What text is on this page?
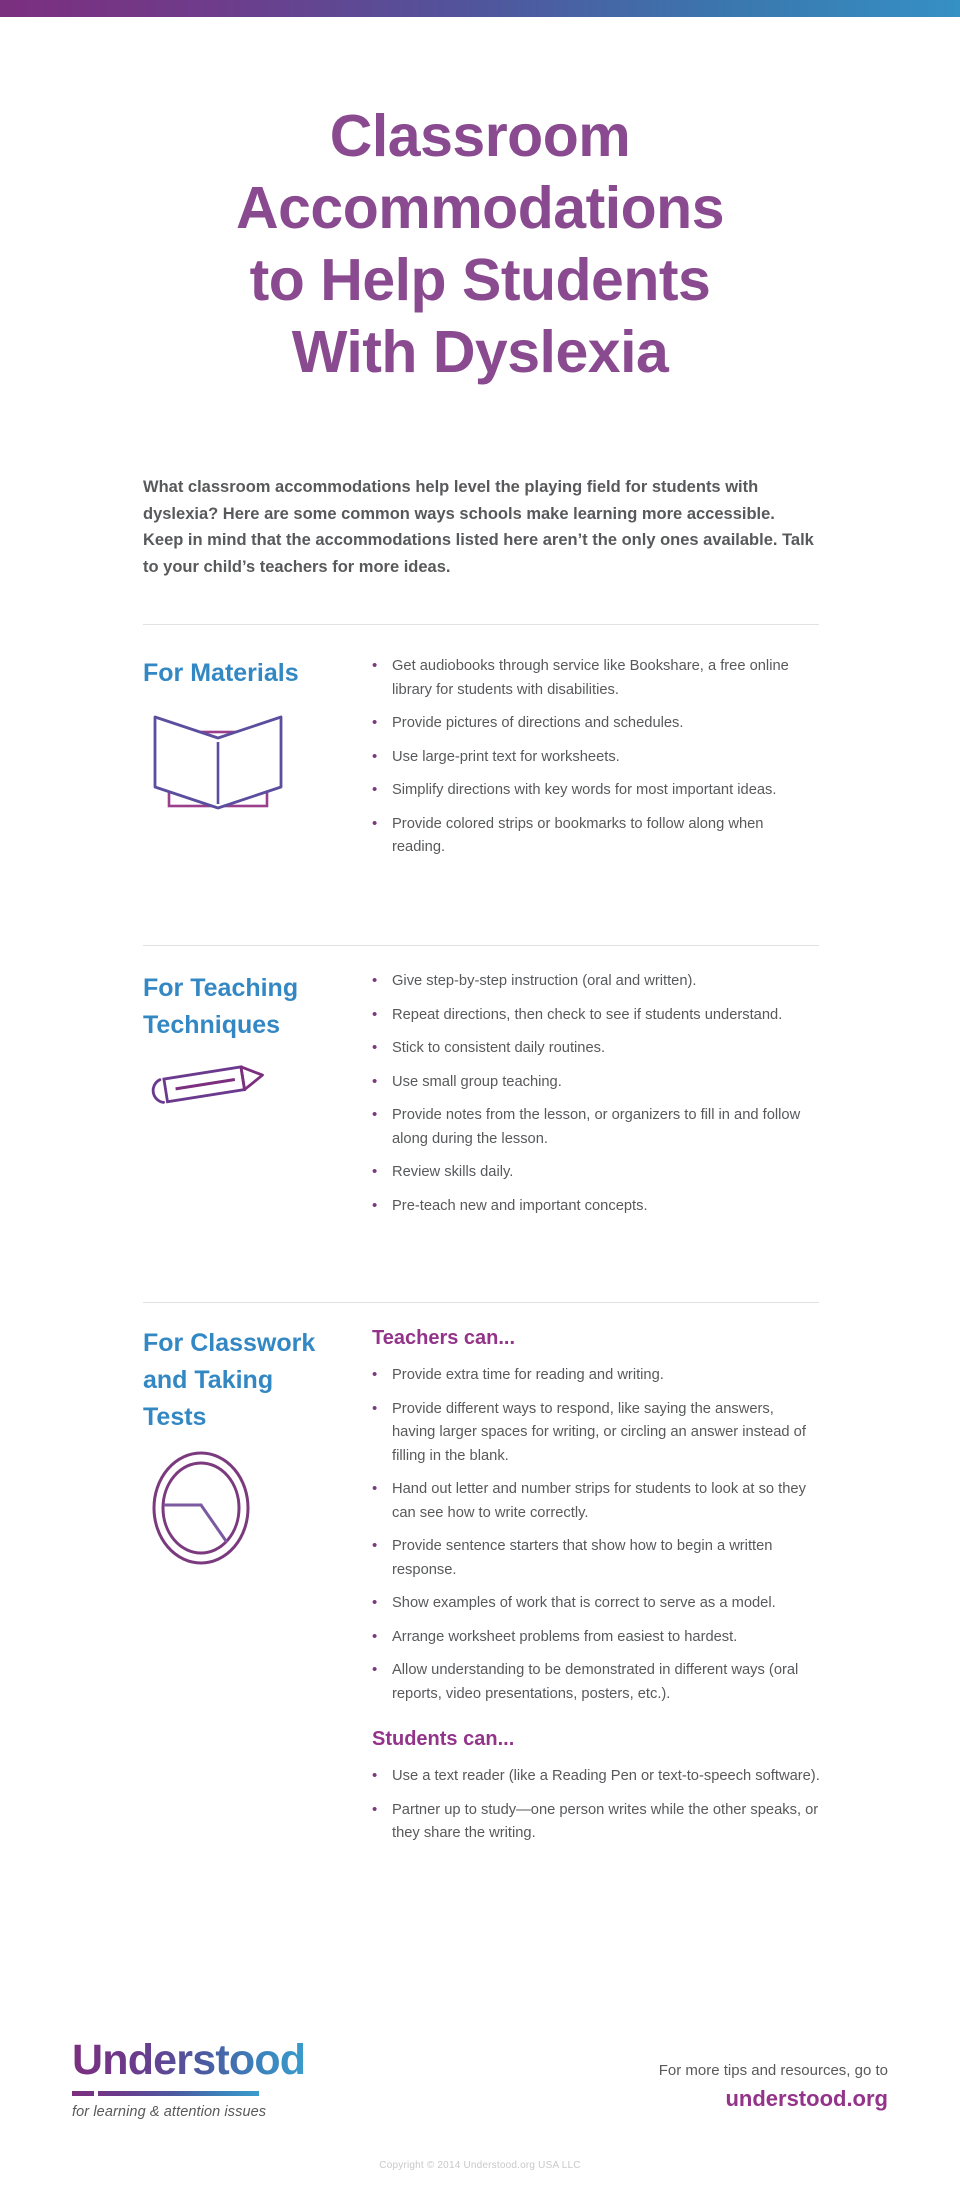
Classroom
Accommodations
to Help Students
With Dyslexia

What classroom accommodations help level the playing field for students with dyslexia? Here are some common ways schools make learning more accessible. Keep in mind that the accommodations listed here aren’t the only ones available. Talk to your child’s teachers for more ideas.

For Materials	• Get audiobooks through service like Bookshare, a free online library for students with disabilities.
• Provide pictures of directions and schedules.
• Use large-print text for worksheets.
• Simplify directions with key words for most important ideas.
• Provide colored strips or bookmarks to follow along when reading.
For Teaching Techniques
• Give step-by-step instruction (oral and written).
• Repeat directions, then check to see if students understand.
• Stick to consistent daily routines.
• Use small group teaching.
• Provide notes from the lesson, or organizers to fill in and follow along during the lesson.
• Review skills daily.
• Pre-teach new and important concepts.
For Classwork and Taking Tests
Teachers can...
• Provide extra time for reading and writing.
• Provide different ways to respond, like saying the answers, having larger spaces for writing, or circling an answer instead of filling in the blank.
• Hand out letter and number strips for students to look at so they can see how to write correctly.
• Provide sentence starters that show how to begin a written response.
• Show examples of work that is correct to serve as a model.
• Arrange worksheet problems from easiest to hardest.
• Allow understanding to be demonstrated in different ways (oral reports, video presentations, posters, etc.).
Students can...
• Use a text reader (like a Reading Pen or text-to-speech software).
• Partner up to study—one person writes while the other speaks, or they share the writing.
Understood
for learning & attention issues
For more tips and resources, go to
understood.org
Copyright © 2014 Understood.org USA LLC
